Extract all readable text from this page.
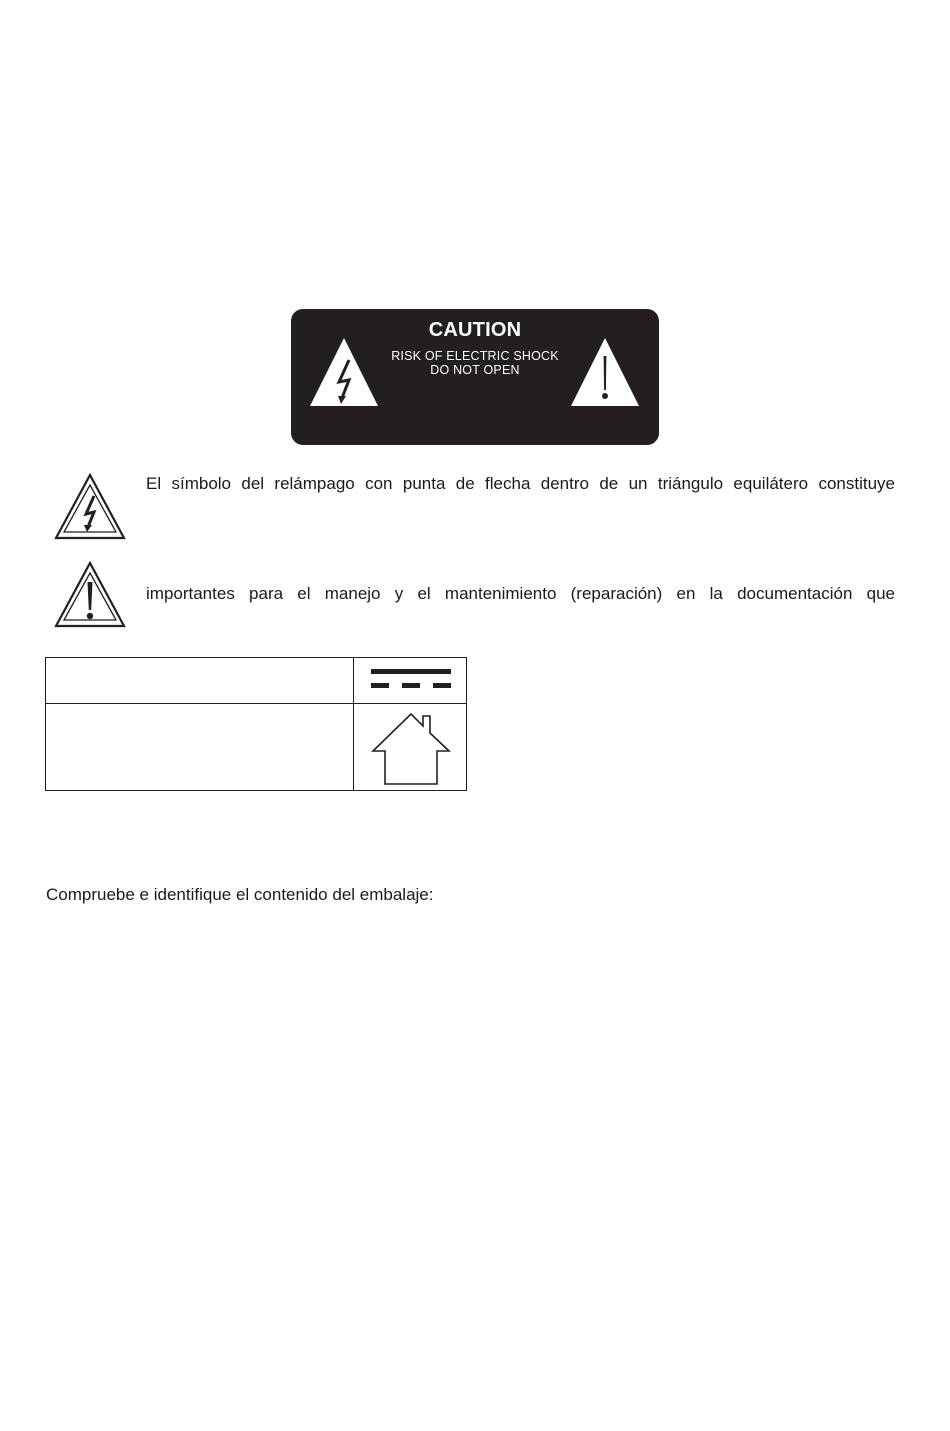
CAUTION
RISK OF ELECTRIC SHOCK
DO NOT OPEN
El símbolo del relámpago con punta de flecha dentro de un triángulo equilátero constituye
importantes para el manejo y el mantenimiento (reparación) en la documentación que
Compruebe e identifique el contenido del embalaje:
